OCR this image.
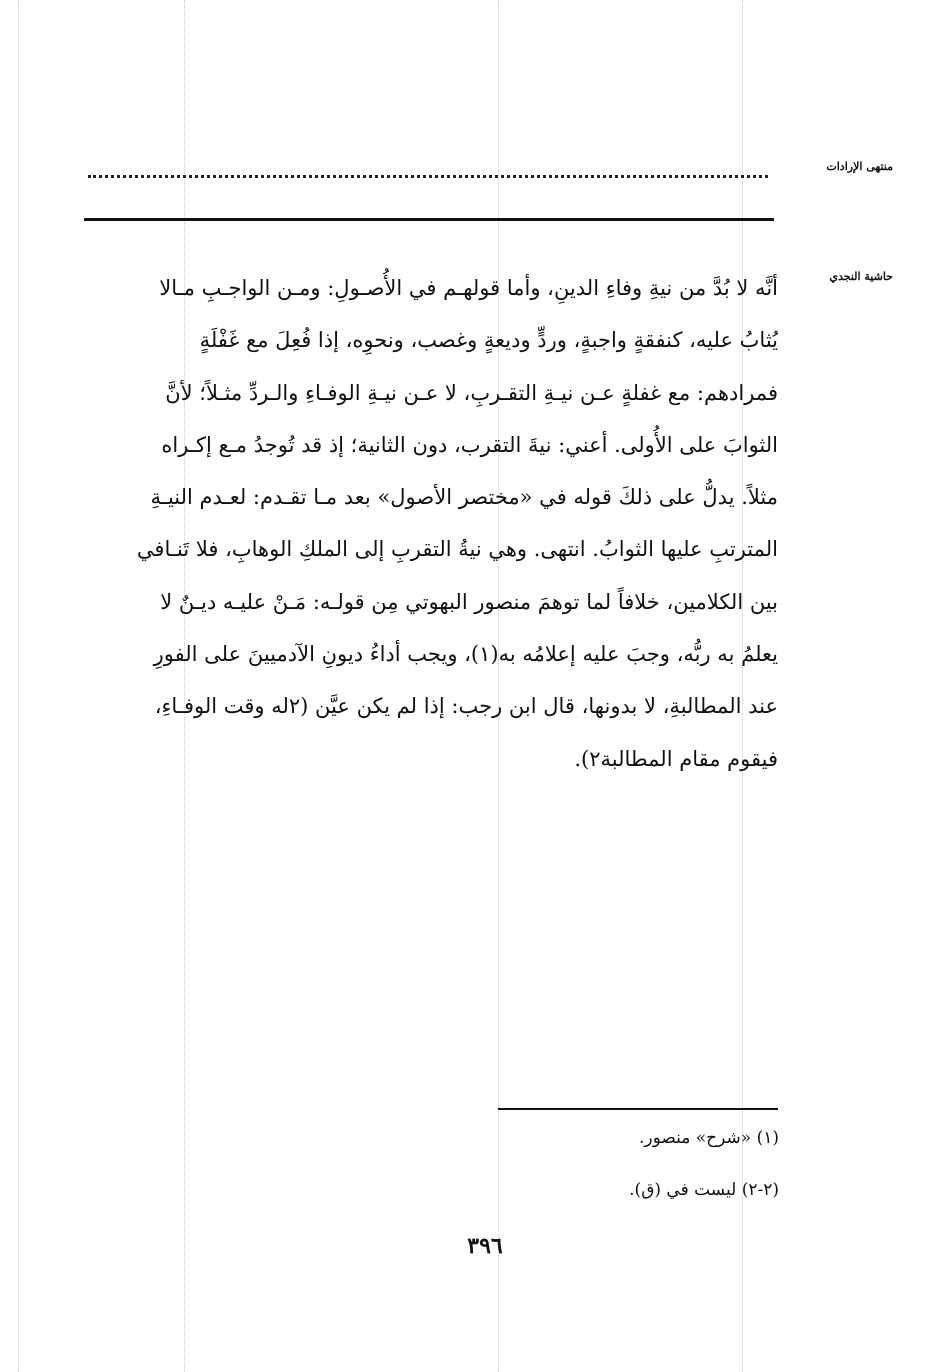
منتهى الإرادات
حاشية النجدي
أنَّه لا بُدَّ من نيةِ وفاءِ الدينِ، وأما قولهـم في الأُصـولِ: ومـن الواجـبِ مـالا
يُثابُ عليه، كنفقةٍ واجبةٍ، وردٍّ وديعةٍ وغصب، ونحوِه، إذا فُعِلَ مع غَفْلَةٍ
فمرادهم: مع غفلةٍ عـن نيـةِ التقـربِ، لا عـن نيـةِ الوفـاءِ والـردِّ مثـلاً؛ لأنَّ
الثوابَ على الأُولى. أعني: نيةَ التقرب، دون الثانية؛ إذ قد تُوجدُ مـع إكـراه
مثلاً. يدلُّ على ذلكَ قوله في «مختصر الأصول» بعد مـا تقـدم: لعـدم النيـةِ
المترتبِ عليها الثوابُ. انتهى. وهي نيةُ التقربِ إلى الملكِ الوهابِ، فلا تَنـافي
بين الكلامين، خلافاً لما توهمَ منصور البهوتي مِن قولـه: مَـنْ عليـه ديـنٌ لا
يعلمُ به ربُّه، وجبَ عليه إعلامُه به(١)، ويجب أداءُ ديونِ الآدميينَ على الفورِ
عند المطالبةِ، لا بدونها، قال ابن رجب: إذا لم يكن عيَّن (٢له وقت الوفـاءِ،
فيقوم مقام المطالبة٢).
(١) «شرح» منصور.
(٢-٢) ليست في (ق).
٣٩٦
